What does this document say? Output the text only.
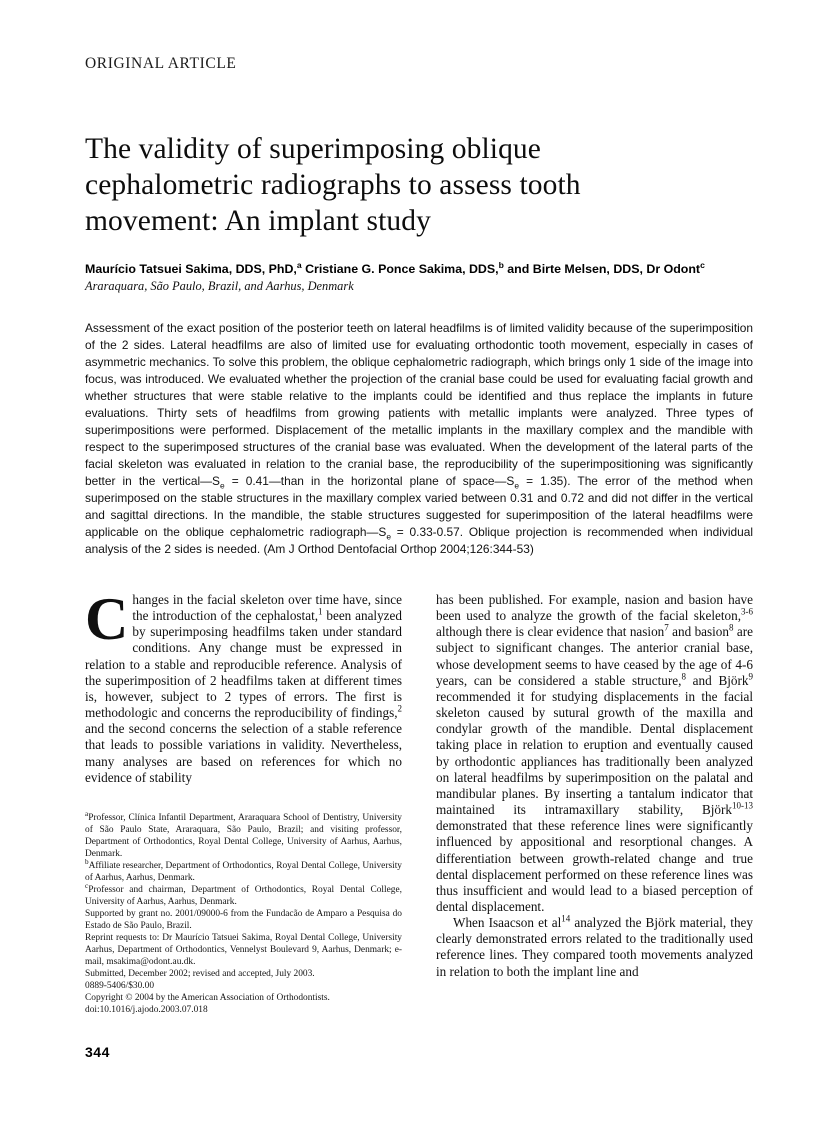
ORIGINAL ARTICLE
The validity of superimposing oblique cephalometric radiographs to assess tooth movement: An implant study
Maurício Tatsuei Sakima, DDS, PhD,$^a$ Cristiane G. Ponce Sakima, DDS,$^b$ and Birte Melsen, DDS, Dr Odont$^c$
Araraquara, São Paulo, Brazil, and Aarhus, Denmark
Assessment of the exact position of the posterior teeth on lateral headfilms is of limited validity because of the superimposition of the 2 sides. Lateral headfilms are also of limited use for evaluating orthodontic tooth movement, especially in cases of asymmetric mechanics. To solve this problem, the oblique cephalometric radiograph, which brings only 1 side of the image into focus, was introduced. We evaluated whether the projection of the cranial base could be used for evaluating facial growth and whether structures that were stable relative to the implants could be identified and thus replace the implants in future evaluations. Thirty sets of headfilms from growing patients with metallic implants were analyzed. Three types of superimpositions were performed. Displacement of the metallic implants in the maxillary complex and the mandible with respect to the superimposed structures of the cranial base was evaluated. When the development of the lateral parts of the facial skeleton was evaluated in relation to the cranial base, the reproducibility of the superimpositioning was significantly better in the $vertical—S_e$ = 0.41—than in the horizontal plane of $space—S_e = 1.35$). The error of the method when superimposed on the stable structures in the maxillary complex varied between 0.31 and 0.72 and did not differ in the vertical and sagittal directions. In the mandible, the stable structures suggested for superimposition of the lateral headfilms were applicable on the oblique cephalometric $radiograph—S_e = 0.33-0.57$. Oblique projection is recommended when individual analysis of the 2 sides is needed. (Am J Orthod Dentofacial Orthop 2004;126:344-53)

Changes in the facial skeleton over time have, since the introduction of the cephalostat,$^1$ been analyzed by superimposing headfilms taken under standard conditions. Any change must be expressed in relation to a stable and reproducible reference. Analysis of the superimposition of 2 headfilms taken at different times is, however, subject to 2 types of errors. The first is methodologic and concerns the reproducibility of findings,$^2$ and the second concerns the selection of a stable reference that leads to possible variations in validity. Nevertheless, many analyses are based on references for which no evidence of stability

has been published. For example, nasion and basion have been used to analyze the growth of the facial skeleton,$^{3-6}$ although there is clear evidence that nasion$^7$ and basion$^8$ are subject to significant changes. The anterior cranial base, whose development seems to have ceased by the age of 4-6 years, can be considered a stable structure,$^8$ and Björk$^9$ recommended it for studying displacements in the facial skeleton caused by sutural growth of the maxilla and condylar growth of the mandible. Dental displacement taking place in relation to eruption and eventually caused by orthodontic appliances has traditionally been analyzed on lateral headfilms by superimposition on the palatal and mandibular planes. By inserting a tantalum indicator that maintained its intramaxillary stability, Björk$^{10-13}$ demonstrated that these reference lines were significantly influenced by appositional and resorptional changes. A differentiation between growth-related change and true dental displacement performed on these reference lines was thus insufficient and would lead to a biased perception of dental displacement.

When Isaacson et $al^{14}$ analyzed the Björk material, they clearly demonstrated errors related to the traditionally used reference lines. They compared tooth movements analyzed in relation to both the implant line and

$^a$Professor, Clínica Infantil Department, Araraquara School of Dentistry, University of São Paulo State, Araraquara, São Paulo, Brazil; and visiting professor, Department of Orthodontics, Royal Dental College, University of Aarhus, Aarhus, Denmark.

$^b$Affiliate researcher, Department of Orthodontics, Royal Dental College, University of Aarhus, Aarhus, Denmark.

$^c$Professor and chairman, Department of Orthodontics, Royal Dental College, University of Aarhus, Aarhus, Denmark.

Supported by grant no. 2001/09000-6 from the Fundacão de Amparo a Pesquisa do Estado de São Paulo, Brazil.

Reprint requests to: Dr Maurício Tatsuei Sakima, Royal Dental College, University Aarhus, Department of Orthodontics, Vennelyst Boulevard 9, Aarhus, Denmark; e-mail, msakima@odont.au.dk.

Submitted, December 2002; revised and accepted, July 2003.

0889-5406/$30.00

Copyright © 2004 by the American Association of Orthodontists.

doi:10.1016/j.ajodo.2003.07.018

344
